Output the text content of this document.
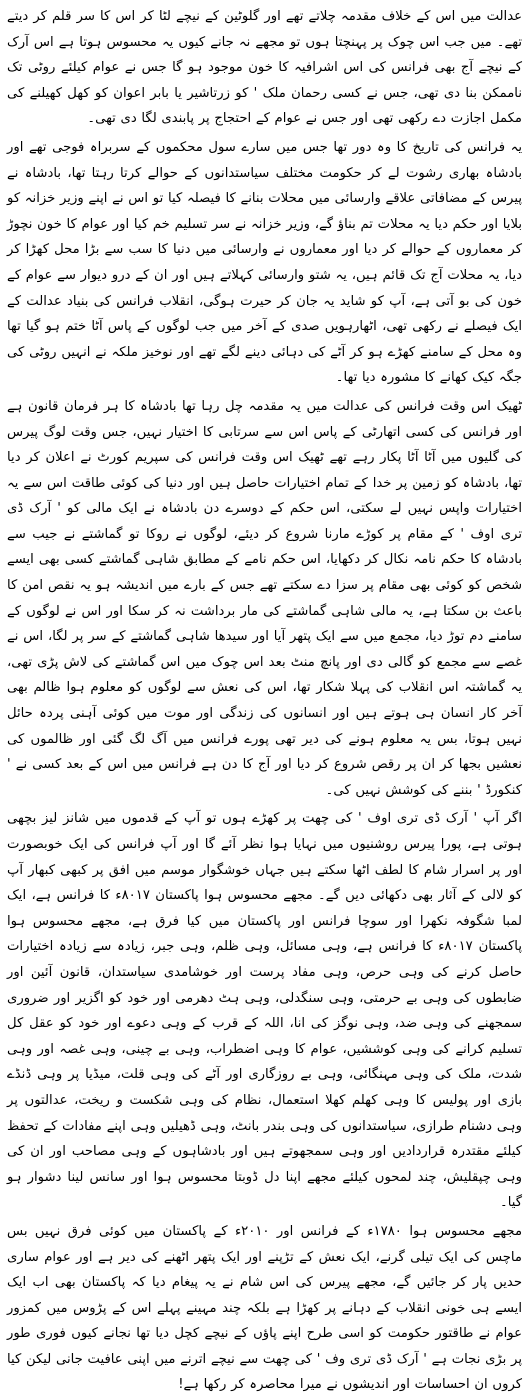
عدالت میں اس کے خلاف مقدمہ چلاتے تھے اور گلوٹین کے نیچے لٹا کر اس کا سر قلم کر دیتے تھے۔ میں جب اس چوک پر پہنچتا ہوں تو مجھے نہ جانے کیوں یہ محسوس ہوتا ہے اس آرک کے نیچے آج بھی فرانس کی اس اشرافیہ کا خون موجود ہو گا جس نے عوام کیلئے روٹی تک ناممکن بنا دی تھی، جس نے کسی رحمان ملک ' کو زرتاشیر یا بابر اعوان کو کھل کھیلنے کی مکمل اجازت دے رکھی تھی اور جس نے عوام کے احتجاج پر پابندی لگا دی تھی۔

یہ فرانس کی تاریخ کا وہ دور تھا جس میں سارے سول محکموں کے سربراہ فوجی تھے اور بادشاہ بھاری رشوت لے کر حکومت مختلف سیاستدانوں کے حوالے کرتا رہتا تھا، بادشاہ نے پیرس کے مضافاتی علاقے وارسائی میں محلات بنانے کا فیصلہ کیا تو اس نے اپنے وزیر خزانہ کو بلایا اور حکم دیا یہ محلات تم بناؤ گے، وزیر خزانہ نے سر تسلیم خم کیا اور عوام کا خون نچوڑ کر معماروں کے حوالے کر دیا اور معماروں نے وارسائی میں دنیا کا سب سے بڑا محل کھڑا کر دیا، یہ محلات آج تک قائم ہیں، یہ شتو وارسائی کہلاتے ہیں اور ان کے درو دیوار سے عوام کے خون کی بو آتی ہے، آپ کو شاید یہ جان کر حیرت ہوگی، انقلاب فرانس کی بنیاد عدالت کے ایک فیصلے نے رکھی تھی، اٹھارہویں صدی کے آخر میں جب لوگوں کے پاس آٹا ختم ہو گیا تھا وہ محل کے سامنے کھڑے ہو کر آٹے کی دہائی دینے لگے تھے اور نوخیز ملکہ نے انہیں روٹی کی جگہ کیک کھانے کا مشورہ دیا تھا۔

ٹھیک اس وقت فرانس کی عدالت میں یہ مقدمہ چل رہا تھا بادشاہ کا ہر فرمان قانون ہے اور فرانس کی کسی اتھارٹی کے پاس اس سے سرتابی کا اختیار نہیں، جس وقت لوگ پیرس کی گلیوں میں آٹا آٹا پکار رہے تھے ٹھیک اس وقت فرانس کی سپریم کورٹ نے اعلان کر دیا تھا، بادشاہ کو زمین پر خدا کے تمام اختیارات حاصل ہیں اور دنیا کی کوئی طاقت اس سے یہ اختیارات واپس نہیں لے سکتی، اس حکم کے دوسرے دن بادشاہ نے ایک مالی کو ' آرک ڈی تری اوف ' کے مقام پر کوڑے مارنا شروع کر دیئے، لوگوں نے روکا تو گماشتے نے جیب سے بادشاہ کا حکم نامہ نکال کر دکھایا، اس حکم نامے کے مطابق شاہی گماشتے کسی بھی ایسے شخص کو کوئی بھی مقام پر سزا دے سکتے تھے جس کے بارے میں اندیشہ ہو یہ نقص امن کا باعث بن سکتا ہے، یہ مالی شاہی گماشتے کی مار برداشت نہ کر سکا اور اس نے لوگوں کے سامنے دم توڑ دیا، مجمع میں سے ایک پتھر آیا اور سیدھا شاہی گماشتے کے سر پر لگا، اس نے غصے سے مجمع کو گالی دی اور پانچ منٹ بعد اس چوک میں اس گماشتے کی لاش پڑی تھی، یہ گماشتہ اس انقلاب کی پہلا شکار تھا، اس کی نعش سے لوگوں کو معلوم ہوا ظالم بھی آخر کار انسان ہی ہوتے ہیں اور انسانوں کی زندگی اور موت میں کوئی آہنی پردہ حائل نہیں ہوتا، بس یہ معلوم ہونے کی دیر تھی پورے فرانس میں آگ لگ گئی اور ظالموں کی نعشیں بجھا کر ان پر رقص شروع کر دیا اور آج کا دن ہے فرانس میں اس کے بعد کسی نے ' کنکورڈ ' بننے کی کوشش نہیں کی۔

اگر آپ ' آرک ڈی تری اوف ' کی چھت پر کھڑے ہوں تو آپ کے قدموں میں شانز لیز بچھی ہوتی ہے، پورا پیرس روشنیوں میں نہایا ہوا نظر آئے گا اور آپ فرانس کی ایک خوبصورت اور پر اسرار شام کا لطف اٹھا سکتے ہیں جہاں خوشگوار موسم میں افق پر کبھی کبھار آپ کو لالی کے آثار بھی دکھائی دیں گے۔ مجھے محسوس ہوا پاکستان ۸۰۱۷ء کا فرانس ہے، ایک لمبا شگوفہ نکھرا اور سوچا فرانس اور پاکستان میں کیا فرق ہے، مجھے محسوس ہوا پاکستان ۸۰۱۷ء کا فرانس ہے، وہی مسائل، وہی ظلم، وہی جبر، زیادہ سے زیادہ اختیارات حاصل کرنے کی وہی حرص، وہی مفاد پرست اور خوشامدی سیاستدان، قانون آئین اور ضابطوں کی وہی بے حرمتی، وہی سنگدلی، وہی ہٹ دھرمی اور خود کو اگزیر اور ضروری سمجھنے کی وہی ضد، وہی نوگز کی انا، اللہ کے قرب کے وہی دعوے اور خود کو عقل کل تسلیم کرانے کی وہی کوششیں، عوام کا وہی اضطراب، وہی بے چینی، وہی غصہ اور وہی شدت، ملک کی وہی مہنگائی، وہی بے روزگاری اور آٹے کی وہی قلت، میڈیا پر وہی ڈنڈے بازی اور پولیس کا وہی کھلم کھلا استعمال، نظام کی وہی شکست و ریخت، عدالتوں پر وہی دشنام طرازی، سیاستدانوں کی وہی بندر بانٹ، وہی ڈھیلیں وہی اپنے مفادات کے تحفظ کیلئے مقتدرہ قراردادیں اور وہی سمجھوتے ہیں اور بادشاہوں کے وہی مصاحب اور ان کی وہی چپقلیش، چند لمحوں کیلئے مجھے اپنا دل ڈوبتا محسوس ہوا اور سانس لینا دشوار ہو گیا۔

مجھے محسوس ہوا ۱۷۸۰ء کے فرانس اور ۲۰۱۰ء کے پاکستان میں کوئی فرق نہیں بس ماچس کی ایک تیلی گرنے، ایک نعش کے تڑپنے اور ایک پتھر اٹھنے کی دیر ہے اور عوام ساری حدیں پار کر جائیں گے، مجھے پیرس کی اس شام نے یہ پیغام دیا کہ پاکستان بھی اب ایک ایسے ہی خونی انقلاب کے دہانے پر کھڑا ہے بلکہ چند مہینے پہلے اس کے پڑوس میں کمزور عوام نے طاقتور حکومت کو اسی طرح اپنے پاؤں کے نیچے کچل دیا تھا نجانے کیوں فوری طور پر بڑی نجات ہے ' آرک ڈی تری وف ' کی چھت سے نیچے اترنے میں اپنی عافیت جانی لیکن کیا کروں ان احساسات اور اندیشوں نے میرا محاصرہ کر رکھا ہے!
